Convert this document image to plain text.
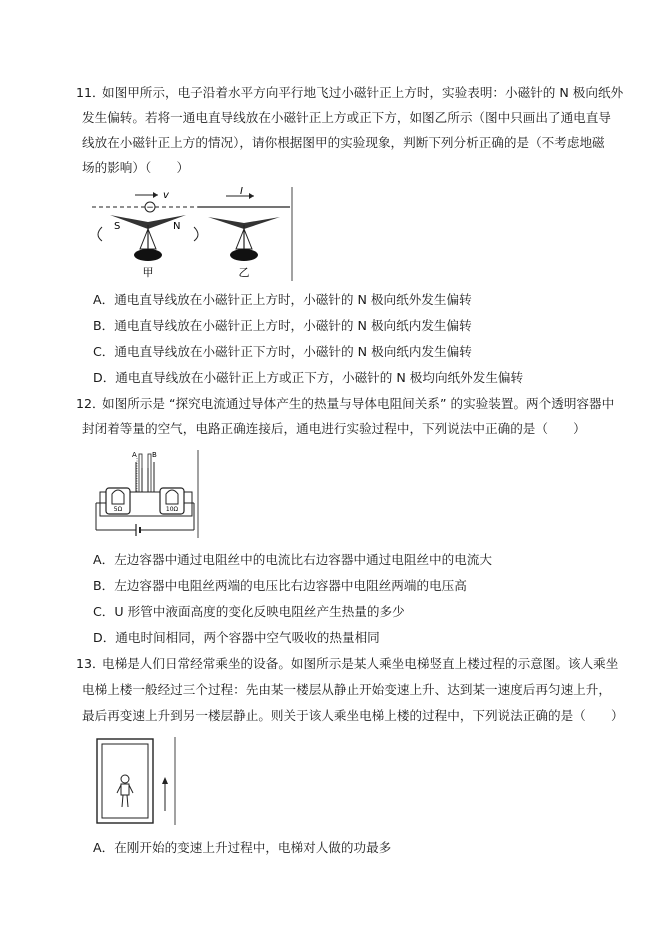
11．
如图甲所示，电子沿着水平方向平行地飞过小磁针正上方时，实验表明：小磁针的 N 极向纸外
发生偏转。若将一通电直导线放在小磁针正上方或正下方，如图乙所示（图中只画出了通电直导
线放在小磁针正上方的情况），请你根据图甲的实验现象，判断下列分析正确的是（不考虑地磁
场的影响）（　　）
−
v
S	N
甲
I
乙
A．通电直导线放在小磁针正上方时，小磁针的 N 极向纸外发生偏转
B．通电直导线放在小磁针正上方时，小磁针的 N 极向纸内发生偏转
C．通电直导线放在小磁针正下方时，小磁针的 N 极向纸内发生偏转
D．通电直导线放在小磁针正上方或正下方，小磁针的 N 极均向纸外发生偏转
12．
如图所示是 “探究电流通过导体产生的热量与导体电阻间关系” 的实验装置。两个透明容器中
封闭着等量的空气，电路正确连接后，通电进行实验过程中，下列说法中正确的是（　　）
A B
5Ω	10Ω
A．左边容器中通过电阻丝中的电流比右边容器中通过电阻丝中的电流大
B．左边容器中电阻丝两端的电压比右边容器中电阻丝两端的电压高
C．U 形管中液面高度的变化反映电阻丝产生热量的多少
D．通电时间相同，两个容器中空气吸收的热量相同
13．
电梯是人们日常经常乘坐的设备。如图所示是某人乘坐电梯竖直上楼过程的示意图。该人乘坐
电梯上楼一般经过三个过程：先由某一楼层从静止开始变速上升、达到某一速度后再匀速上升，
最后再变速上升到另一楼层静止。则关于该人乘坐电梯上楼的过程中，下列说法正确的是（　　）
A．在刚开始的变速上升过程中，电梯对人做的功最多
